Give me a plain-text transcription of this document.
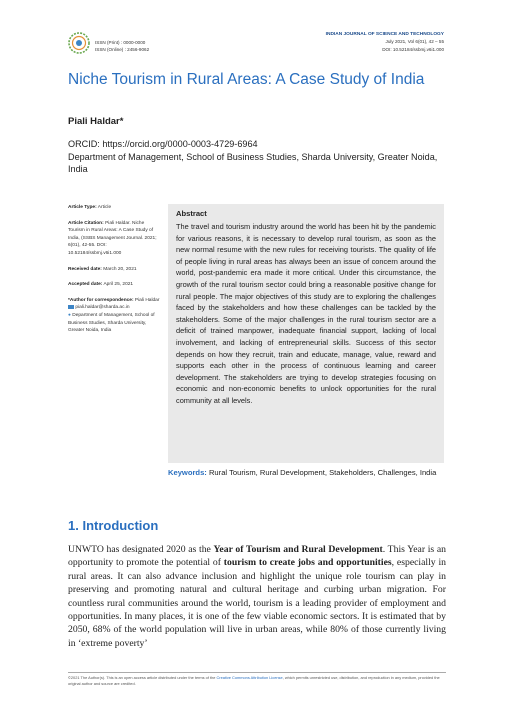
ISSN (Print) : 0000-0000
ISSN (Online) : 2456-9062
INDIAN JOURNAL OF SCIENCE AND TECHNOLOGY
July 2021, Vol 6(01), 42 – 55
DOI: 10.52184/ssbmj.v6i1.000
Niche Tourism in Rural Areas: A Case Study of India
Piali Haldar*
ORCID: https://orcid.org/0000-0003-4729-6964
Department of Management, School of Business Studies, Sharda University, Greater Noida, India
Article Type: Article
Article Citation: Piali Haldar. Niche Tourism in Rural Areas: A Case Study of India, (SSBS Management Journal. 2021; 6(01), 42-55. DOI: 10.52184/ssbmj.v6i1.000
Received date: March 20, 2021
Accepted date: April 25, 2021
*Author for correspondence: Piali Haldar  piali.haldar@sharda.ac.in
● Department of Management, School of Business Studies, Sharda University, Greater Noida, India
Abstract

The travel and tourism industry around the world has been hit by the pandemic for various reasons, it is necessary to develop rural tourism, as soon as the new normal resume with the new rules for receiving tourists. The quality of life of people living in rural areas has always been an issue of concern around the world, post-pandemic era made it more critical. Under this circumstance, the growth of the rural tourism sector could bring a reasonable positive change for rural people. The major objectives of this study are to exploring the challenges faced by the stakeholders and how these challenges can be tackled by the stakeholders. Some of the major challenges in the rural tourism sector are a deficit of trained manpower, inadequate financial support, lacking of local involvement, and lacking of entrepreneurial skills. Success of this sector depends on how they recruit, train and educate, manage, value, reward and supports each other in the process of continuous learning and career development. The stakeholders are trying to develop strategies focusing on economic and non-economic benefits to unlock opportunities for the rural community at all levels.

Keywords: Rural Tourism, Rural Development, Stakeholders, Challenges, India
1. Introduction

UNWTO has designated 2020 as the Year of Tourism and Rural Development. This Year is an opportunity to promote the potential of tourism to create jobs and opportunities, especially in rural areas. It can also advance inclusion and highlight the unique role tourism can play in preserving and promoting natural and cultural heritage and curbing urban migration. For countless rural communities around the world, tourism is a leading provider of employment and opportunities. In many places, it is one of the few viable economic sectors. It is estimated that by 2050, 68% of the world population will live in urban areas, while 80% of those currently living in ‘extreme poverty’

©2021 The Author(s). This is an open access article distributed under the terms of the Creative Commons Attribution License, which permits unrestricted use, distribution, and reproduction in any medium, provided the original author and source are credited.
